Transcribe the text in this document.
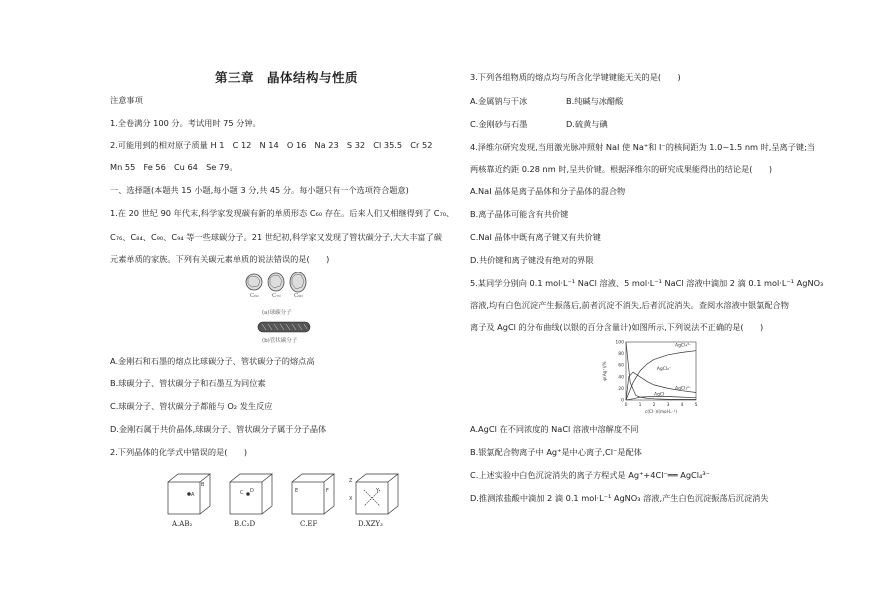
第三章　晶体结构与性质
注意事项
1.全卷满分 100 分。考试用时 75 分钟。
2.可能用到的相对原子质量 H 1　C 12　N 14　O 16　Na 23　S 32　Cl 35.5　Cr 52
Mn 55　Fe 56　Cu 64　Se 79。
一、选择题(本题共 15 小题,每小题 3 分,共 45 分。每小题只有一个选项符合题意)
1.在 20 世纪 90 年代末,科学家发现碳有新的单质形态 C₆₀ 存在。后来人们又相继得到了 C₇₀、
C₇₆、C₈₄、C₉₀、C₉₄ 等一些球碳分子。21 世纪初,科学家又发现了管状碳分子,大大丰富了碳
元素单质的家族。下列有关碳元素单质的说法错误的是(　　)
C₆₀ C₇₀ C₉₀
(a)球碳分子
(b)管状碳分子
A.金刚石和石墨的熔点比球碳分子、管状碳分子的熔点高
B.球碳分子、管状碳分子和石墨互为同位素
C.球碳分子、管状碳分子都能与 O₂ 发生反应
D.金刚石属于共价晶体,球碳分子、管状碳分子属于分子晶体
2.下列晶体的化学式中错误的是(　　)
A
B
C D	E	F
Z
X
Y
A.AB₂	B.C₂D	C.EF	D.XZY₃
3.下列各组物质的熔点均与所含化学键键能无关的是(　　)
A.金属钠与干冰	B.纯碱与冰醋酸
C.金刚砂与石墨	D.硫黄与碘
4.泽维尔研究发现,当用激光脉冲照射 NaI 使 Na⁺和 I⁻的核间距为 1.0~1.5 nm 时,呈离子键;当
两核靠近约距 0.28 nm 时,呈共价键。根据泽维尔的研究成果能得出的结论是(　　)
A.NaI 晶体是离子晶体和分子晶体的混合物
B.离子晶体可能含有共价键
C.NaI 晶体中既有离子键又有共价键
D.共价键和离子键没有绝对的界限
5.某同学分别向 0.1 mol·L⁻¹ NaCl 溶液、5 mol·L⁻¹ NaCl 溶液中滴加 2 滴 0.1 mol·L⁻¹ AgNO₃
溶液,均有白色沉淀产生振荡后,前者沉淀不消失,后者沉淀消失。查阅水溶液中银氯配合物
离子及 AgCl 的分布曲线(以银的百分含量计)如图所示,下列说法不正确的是(　　)
0 1 2 3 4 5
0
20
40
60
80
100
c(Cl⁻)/(mol·L⁻¹)
φ(Ag⁺)/%
AgCl₄³⁻
AgCl₂⁻
AgCl
AgCl₃²⁻
A.AgCl 在不同浓度的 NaCl 溶液中溶解度不同
B.银氯配合物离子中 Ag⁺是中心离子,Cl⁻是配体
C.上述实验中白色沉淀消失的离子方程式是 Ag⁺+4Cl⁻══ AgCl₄³⁻
D.推测浓盐酸中滴加 2 滴 0.1 mol·L⁻¹ AgNO₃ 溶液,产生白色沉淀振荡后沉淀消失
